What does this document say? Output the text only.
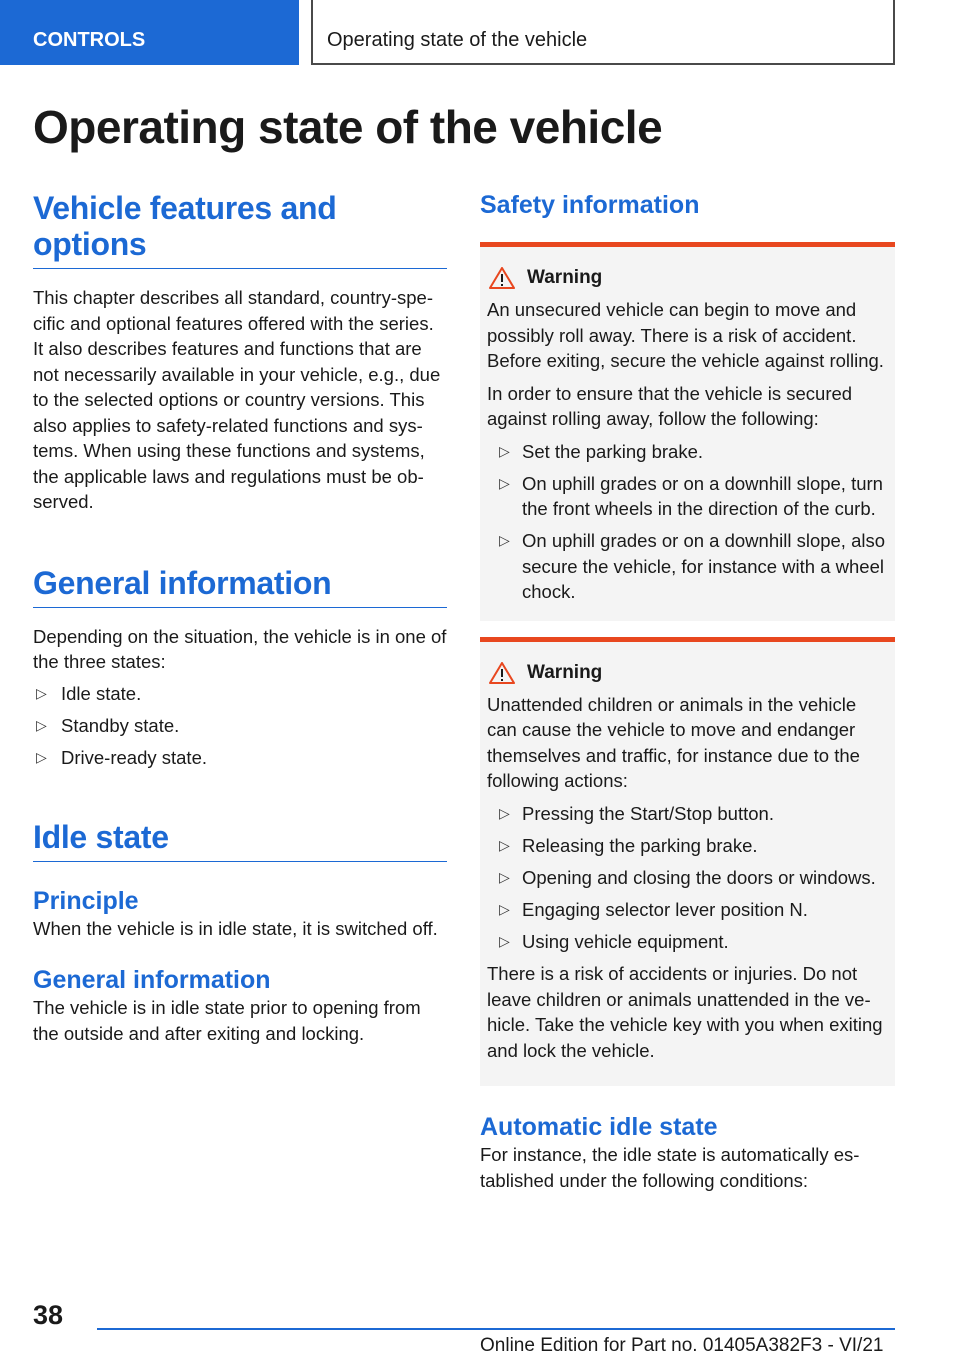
CONTROLS	Operating state of the vehicle
Operating state of the vehicle
Vehicle features and options

This chapter describes all standard, country-specific and optional features offered with the series. It also describes features and functions that are not necessarily available in your vehicle, e.g., due to the selected options or country versions. This also applies to safety-related functions and systems. When using these functions and systems, the applicable laws and regulations must be observed.

General information

Depending on the situation, the vehicle is in one of the three states:

▷ Idle state.
▷ Standby state.
▷ Drive-ready state.
Idle state
Principle

When the vehicle is in idle state, it is switched off.

General information

The vehicle is in idle state prior to opening from the outside and after exiting and locking.

Safety information
Warning

An unsecured vehicle can begin to move and possibly roll away. There is a risk of accident. Before exiting, secure the vehicle against rolling.

In order to ensure that the vehicle is secured against rolling away, follow the following:

▷ Set the parking brake.
▷ On uphill grades or on a downhill slope, turn the front wheels in the direction of the curb.
▷ On uphill grades or on a downhill slope, also secure the vehicle, for instance with a wheel chock.
Warning

Unattended children or animals in the vehicle can cause the vehicle to move and endanger themselves and traffic, for instance due to the following actions:

▷ Pressing the Start/Stop button.
▷ Releasing the parking brake.
▷ Opening and closing the doors or windows.
▷ Engaging selector lever position N.
▷ Using vehicle equipment.

There is a risk of accidents or injuries. Do not leave children or animals unattended in the vehicle. Take the vehicle key with you when exiting and lock the vehicle.

Automatic idle state

For instance, the idle state is automatically established under the following conditions:

38
Online Edition for Part no. 01405A382F3 - VI/21
